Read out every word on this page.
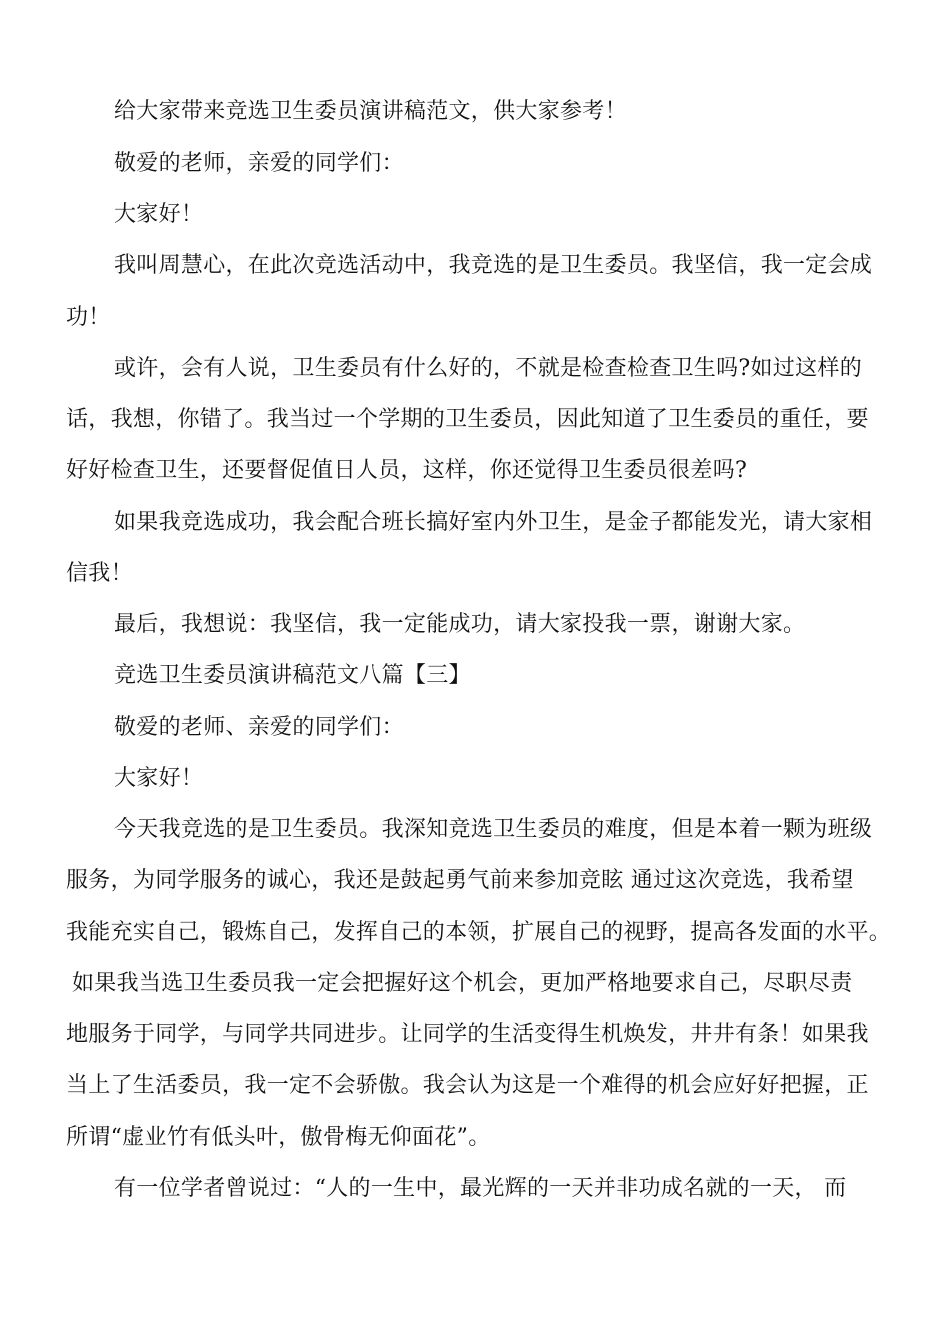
给大家带来竞选卫生委员演讲稿范文，供大家参考！
敬爱的老师，亲爱的同学们：
大家好！
我叫周慧心，在此次竞选活动中，我竞选的是卫生委员。我坚信，我一定会成
功！
或许，会有人说，卫生委员有什么好的，不就是检查检查卫生吗?如过这样的
话，我想，你错了。我当过一个学期的卫生委员，因此知道了卫生委员的重任，要
好好检查卫生，还要督促值日人员，这样，你还觉得卫生委员很差吗?
如果我竞选成功，我会配合班长搞好室内外卫生，是金子都能发光，请大家相
信我！
最后，我想说：我坚信，我一定能成功，请大家投我一票，谢谢大家。
竞选卫生委员演讲稿范文八篇【三】
敬爱的老师、亲爱的同学们：
大家好！
今天我竞选的是卫生委员。我深知竞选卫生委员的难度，但是本着一颗为班级
服务，为同学服务的诚心，我还是鼓起勇气前来参加竞眩 通过这次竞选，我希望
我能充实自己，锻炼自己，发挥自己的本领，扩展自己的视野，提高各发面的水平。
如果我当选卫生委员我一定会把握好这个机会，更加严格地要求自己，尽职尽责
地服务于同学，与同学共同进步。让同学的生活变得生机焕发，井井有条！如果我
当上了生活委员，我一定不会骄傲。我会认为这是一个难得的机会应好好把握，正
所谓“虚业竹有低头叶，傲骨梅无仰面花”。
有一位学者曾说过：“人的一生中，最光辉的一天并非功成名就的一天， 而
